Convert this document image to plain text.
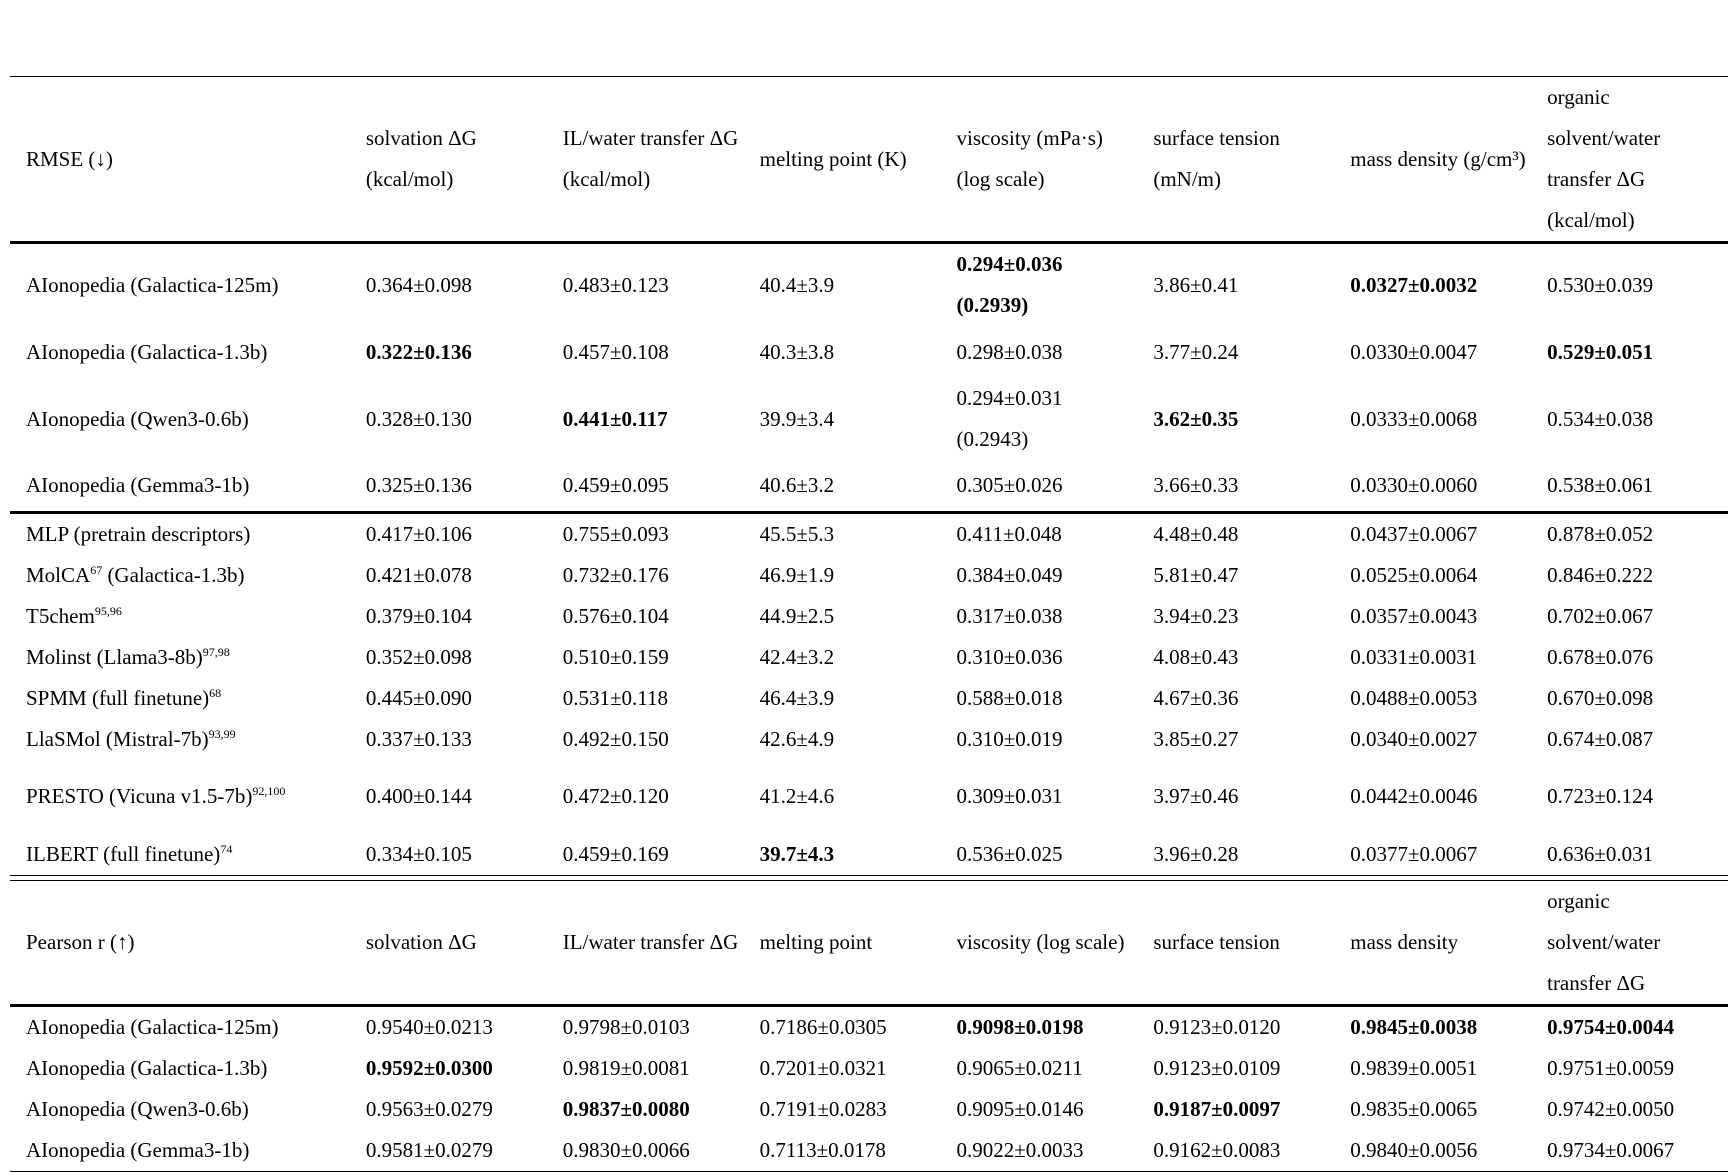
RMSE (↓)	solvation ΔG (kcal/mol)	IL/water transfer ΔG (kcal/mol)	melting point (K)	viscosity (mPa·s) (log scale)	surface tension (mN/m)	mass density (g/cm³)	organic solvent/water transfer ΔG (kcal/mol)
AIonopedia (Galactica-125m)	0.364±0.098	0.483±0.123	40.4±3.9	0.294±0.036 (0.2939)	3.86±0.41	0.0327±0.0032	0.530±0.039
AIonopedia (Galactica-1.3b)	0.322±0.136	0.457±0.108	40.3±3.8	0.298±0.038	3.77±0.24	0.0330±0.0047	0.529±0.051
AIonopedia (Qwen3-0.6b)	0.328±0.130	0.441±0.117	39.9±3.4	0.294±0.031 (0.2943)	3.62±0.35	0.0333±0.0068	0.534±0.038
AIonopedia (Gemma3-1b)	0.325±0.136	0.459±0.095	40.6±3.2	0.305±0.026	3.66±0.33	0.0330±0.0060	0.538±0.061
MLP (pretrain descriptors)	0.417±0.106	0.755±0.093	45.5±5.3	0.411±0.048	4.48±0.48	0.0437±0.0067	0.878±0.052
MolCA$^{67}$ (Galactica-1.3b)	0.421±0.078	0.732±0.176	46.9±1.9	0.384±0.049	5.81±0.47	0.0525±0.0064	0.846±0.222
T5chem$^{95,96}$	0.379±0.104	0.576±0.104	44.9±2.5	0.317±0.038	3.94±0.23	0.0357±0.0043	0.702±0.067
Molinst (Llama3-8b)$^{97,98}$	0.352±0.098	0.510±0.159	42.4±3.2	0.310±0.036	4.08±0.43	0.0331±0.0031	0.678±0.076
SPMM (full finetune)$^{68}$	0.445±0.090	0.531±0.118	46.4±3.9	0.588±0.018	4.67±0.36	0.0488±0.0053	0.670±0.098
LlaSMol (Mistral-7b)$^{93,99}$	0.337±0.133	0.492±0.150	42.6±4.9	0.310±0.019	3.85±0.27	0.0340±0.0027	0.674±0.087
PRESTO (Vicuna v1.5-7b)$^{92,100}$	0.400±0.144	0.472±0.120	41.2±4.6	0.309±0.031	3.97±0.46	0.0442±0.0046	0.723±0.124
ILBERT (full finetune)$^{74}$	0.334±0.105	0.459±0.169	39.7±4.3	0.536±0.025	3.96±0.28	0.0377±0.0067	0.636±0.031
Pearson r (↑)	solvation ΔG	IL/water transfer ΔG	melting point	viscosity (log scale)	surface tension	mass density	organic solvent/water transfer ΔG
AIonopedia (Galactica-125m)	0.9540±0.0213	0.9798±0.0103	0.7186±0.0305	0.9098±0.0198	0.9123±0.0120	0.9845±0.0038	0.9754±0.0044
AIonopedia (Galactica-1.3b)	0.9592±0.0300	0.9819±0.0081	0.7201±0.0321	0.9065±0.0211	0.9123±0.0109	0.9839±0.0051	0.9751±0.0059
AIonopedia (Qwen3-0.6b)	0.9563±0.0279	0.9837±0.0080	0.7191±0.0283	0.9095±0.0146	0.9187±0.0097	0.9835±0.0065	0.9742±0.0050
AIonopedia (Gemma3-1b)	0.9581±0.0279	0.9830±0.0066	0.7113±0.0178	0.9022±0.0033	0.9162±0.0083	0.9840±0.0056	0.9734±0.0067
